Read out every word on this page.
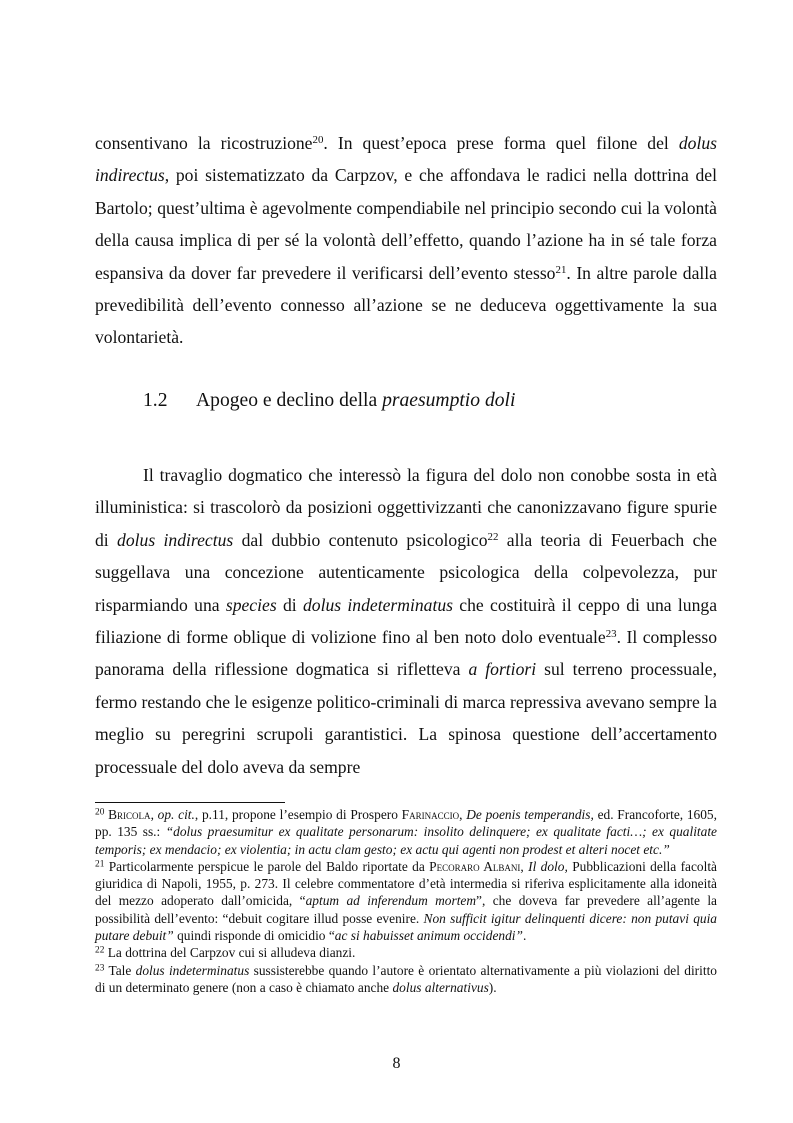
consentivano la ricostruzione$^{20}$. In quest’epoca prese forma quel filone del dolus indirectus, poi sistematizzato da Carpzov, e che affondava le radici nella dottrina del Bartolo; quest’ultima è agevolmente compendiabile nel principio secondo cui la volontà della causa implica di per sé la volontà dell’effetto, quando l’azione ha in sé tale forza espansiva da dover far prevedere il verificarsi dell’evento stesso$^{21}$. In altre parole dalla prevedibilità dell’evento connesso all’azione se ne deduceva oggettivamente la sua volontarietà.

1.2 Apogeo e declino della praesumptio doli

Il travaglio dogmatico che interessò la figura del dolo non conobbe sosta in età illuministica: si trascolorò da posizioni oggettivizzanti che canonizzavano figure spurie di dolus indirectus dal dubbio contenuto psicologico$^{22}$ alla teoria di Feuerbach che suggellava una concezione autenticamente psicologica della colpevolezza, pur risparmiando una species di dolus indeterminatus che costituirà il ceppo di una lunga filiazione di forme oblique di volizione fino al ben noto dolo eventuale$^{23}$. Il complesso panorama della riflessione dogmatica si rifletteva a fortiori sul terreno processuale, fermo restando che le esigenze politico-criminali di marca repressiva avevano sempre la meglio su peregrini scrupoli garantistici. La spinosa questione dell’accertamento processuale del dolo aveva da sempre

$^{20}$ Bricola, op. cit., p.11, propone l’esempio di Prospero Farinaccio, De poenis temperandis, ed. Francoforte, 1605, pp. 135 ss.: “dolus praesumitur ex qualitate personarum: insolito delinquere; ex qualitate facti…; ex qualitate temporis; ex mendacio; ex violentia; in actu clam gesto; ex actu qui agenti non prodest et alteri nocet etc.”

$^{21}$ Particolarmente perspicue le parole del Baldo riportate da Pecoraro Albani, Il dolo, Pubblicazioni della facoltà giuridica di Napoli, 1955, p. 273. Il celebre commentatore d’età intermedia si riferiva esplicitamente alla idoneità del mezzo adoperato dall’omicida, “aptum ad inferendum mortem”, che doveva far prevedere all’agente la possibilità dell’evento: “debuit cogitare illud posse evenire. Non sufficit igitur delinquenti dicere: non putavi quia putare debuit” quindi risponde di omicidio “ac si habuisset animum occidendi”.

$^{22}$ La dottrina del Carpzov cui si alludeva dianzi.

$^{23}$ Tale dolus indeterminatus sussisterebbe quando l’autore è orientato alternativamente a più violazioni del diritto di un determinato genere (non a caso è chiamato anche dolus alternativus).

8
